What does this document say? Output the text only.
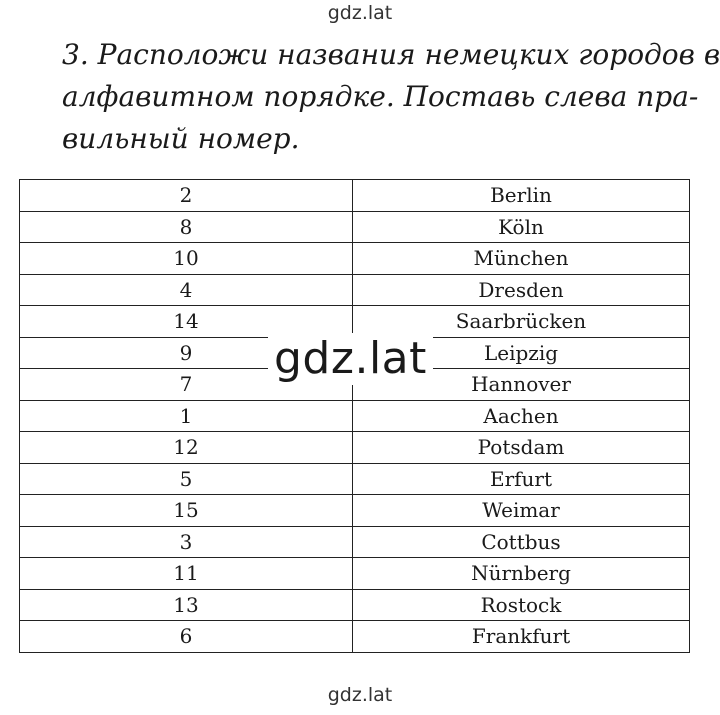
gdz.lat
3. Расположи названия немецких городов в
алфавитном порядке. Поставь слева пра-
вильный номер.
2	Berlin
8	Köln
10	München
4	Dresden
14	Saarbrücken
9	Leipzig
7	Hannover
1	Aachen
12	Potsdam
5	Erfurt
15	Weimar
3	Cottbus
11	Nürnberg
13	Rostock
6	Frankfurt
gdz.lat
gdz.lat
